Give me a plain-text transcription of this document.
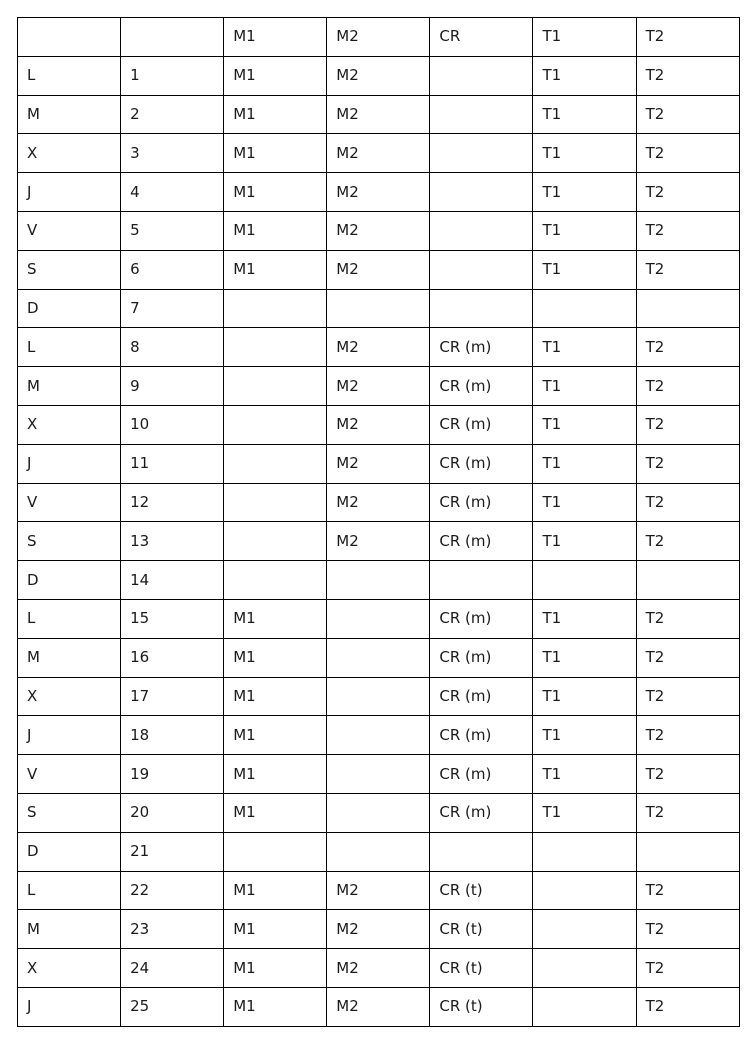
		M1	M2	CR	T1	T2
L	1	M1	M2		T1	T2
M	2	M1	M2		T1	T2
X	3	M1	M2		T1	T2
J	4	M1	M2		T1	T2
V	5	M1	M2		T1	T2
S	6	M1	M2		T1	T2
D	7					
L	8		M2	CR (m)	T1	T2
M	9		M2	CR (m)	T1	T2
X	10		M2	CR (m)	T1	T2
J	11		M2	CR (m)	T1	T2
V	12		M2	CR (m)	T1	T2
S	13		M2	CR (m)	T1	T2
D	14					
L	15	M1		CR (m)	T1	T2
M	16	M1		CR (m)	T1	T2
X	17	M1		CR (m)	T1	T2
J	18	M1		CR (m)	T1	T2
V	19	M1		CR (m)	T1	T2
S	20	M1		CR (m)	T1	T2
D	21					
L	22	M1	M2	CR (t)		T2
M	23	M1	M2	CR (t)		T2
X	24	M1	M2	CR (t)		T2
J	25	M1	M2	CR (t)		T2
